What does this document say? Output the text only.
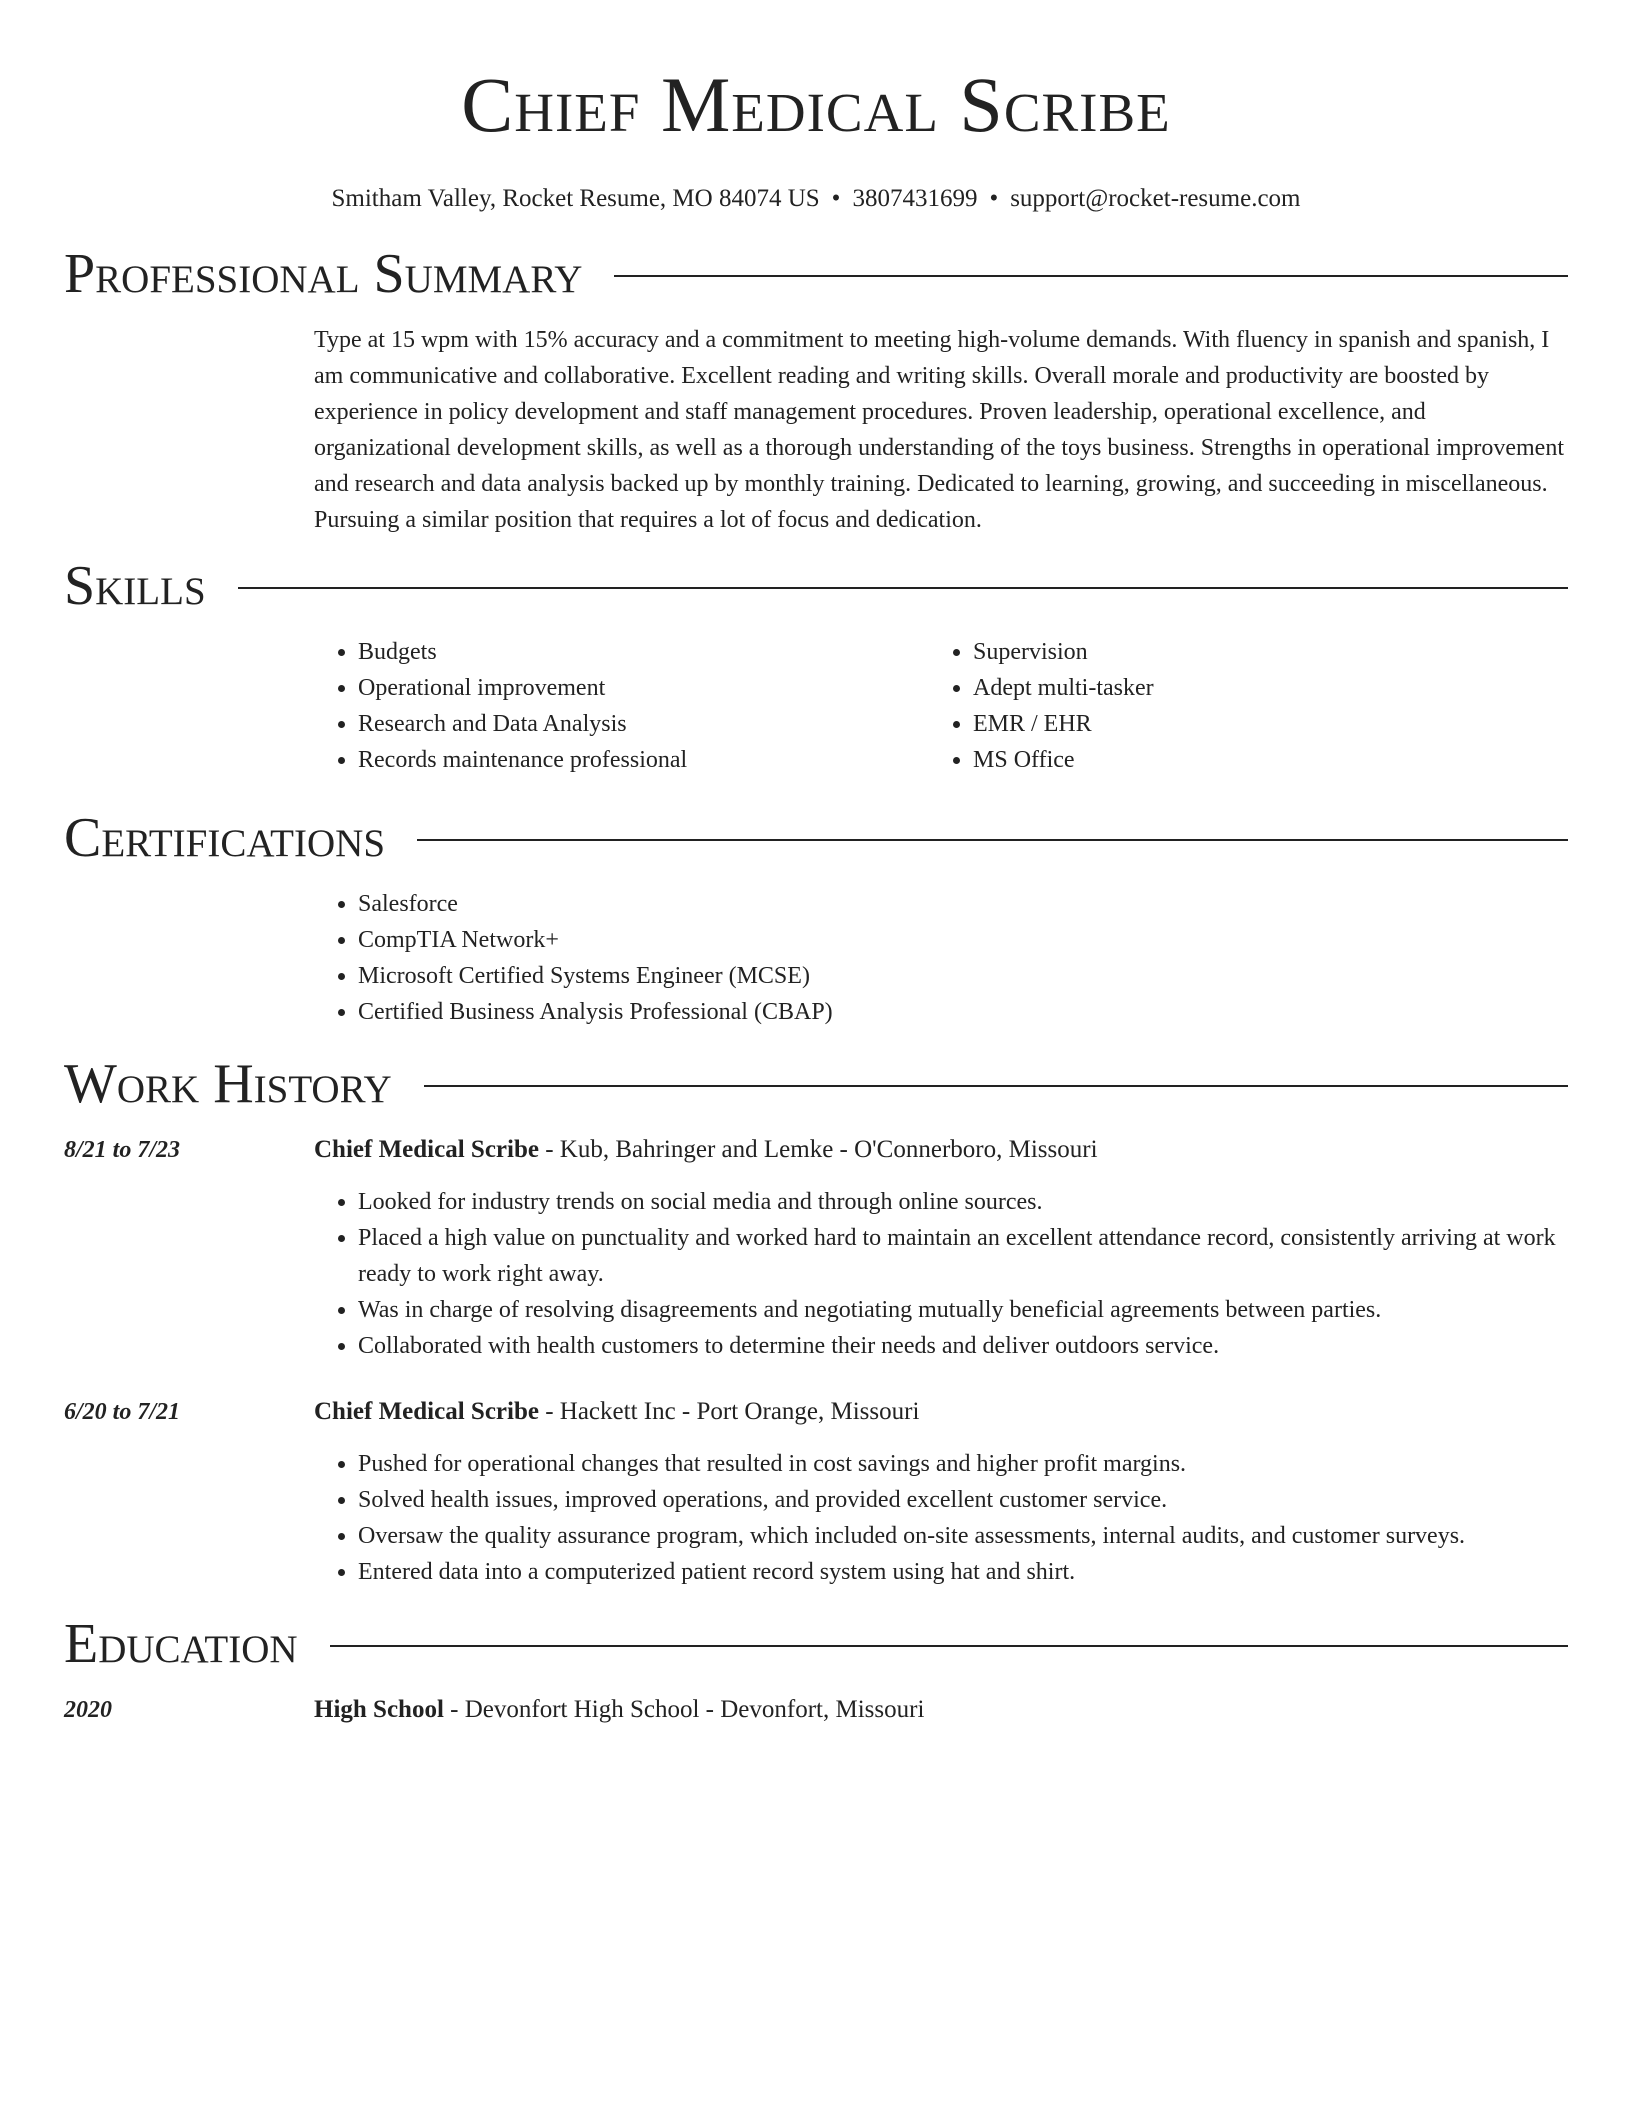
Chief Medical Scribe
Smitham Valley, Rocket Resume, MO 84074 US • 3807431699 • support@rocket-resume.com
Professional Summary

Type at 15 wpm with 15% accuracy and a commitment to meeting high-volume demands. With fluency in spanish and spanish, I am communicative and collaborative. Excellent reading and writing skills. Overall morale and productivity are boosted by experience in policy development and staff management procedures. Proven leadership, operational excellence, and organizational development skills, as well as a thorough understanding of the toys business. Strengths in operational improvement and research and data analysis backed up by monthly training. Dedicated to learning, growing, and succeeding in miscellaneous. Pursuing a similar position that requires a lot of focus and dedication.

Skills
• Budgets
• Operational improvement
• Research and Data Analysis
• Records maintenance professional
• Supervision
• Adept multi-tasker
• EMR / EHR
• MS Office
Certifications
• Salesforce
• CompTIA Network+
• Microsoft Certified Systems Engineer (MCSE)
• Certified Business Analysis Professional (CBAP)
Work History
8/21 to 7/23	Chief Medical Scribe - Kub, Bahringer and Lemke - O'Connerboro, Missouri
• Looked for industry trends on social media and through online sources.
• Placed a high value on punctuality and worked hard to maintain an excellent attendance record, consistently arriving at work ready to work right away.
• Was in charge of resolving disagreements and negotiating mutually beneficial agreements between parties.
• Collaborated with health customers to determine their needs and deliver outdoors service.
6/20 to 7/21	Chief Medical Scribe - Hackett Inc - Port Orange, Missouri
• Pushed for operational changes that resulted in cost savings and higher profit margins.
• Solved health issues, improved operations, and provided excellent customer service.
• Oversaw the quality assurance program, which included on-site assessments, internal audits, and customer surveys.
• Entered data into a computerized patient record system using hat and shirt.
Education
2020	High School - Devonfort High School - Devonfort, Missouri
